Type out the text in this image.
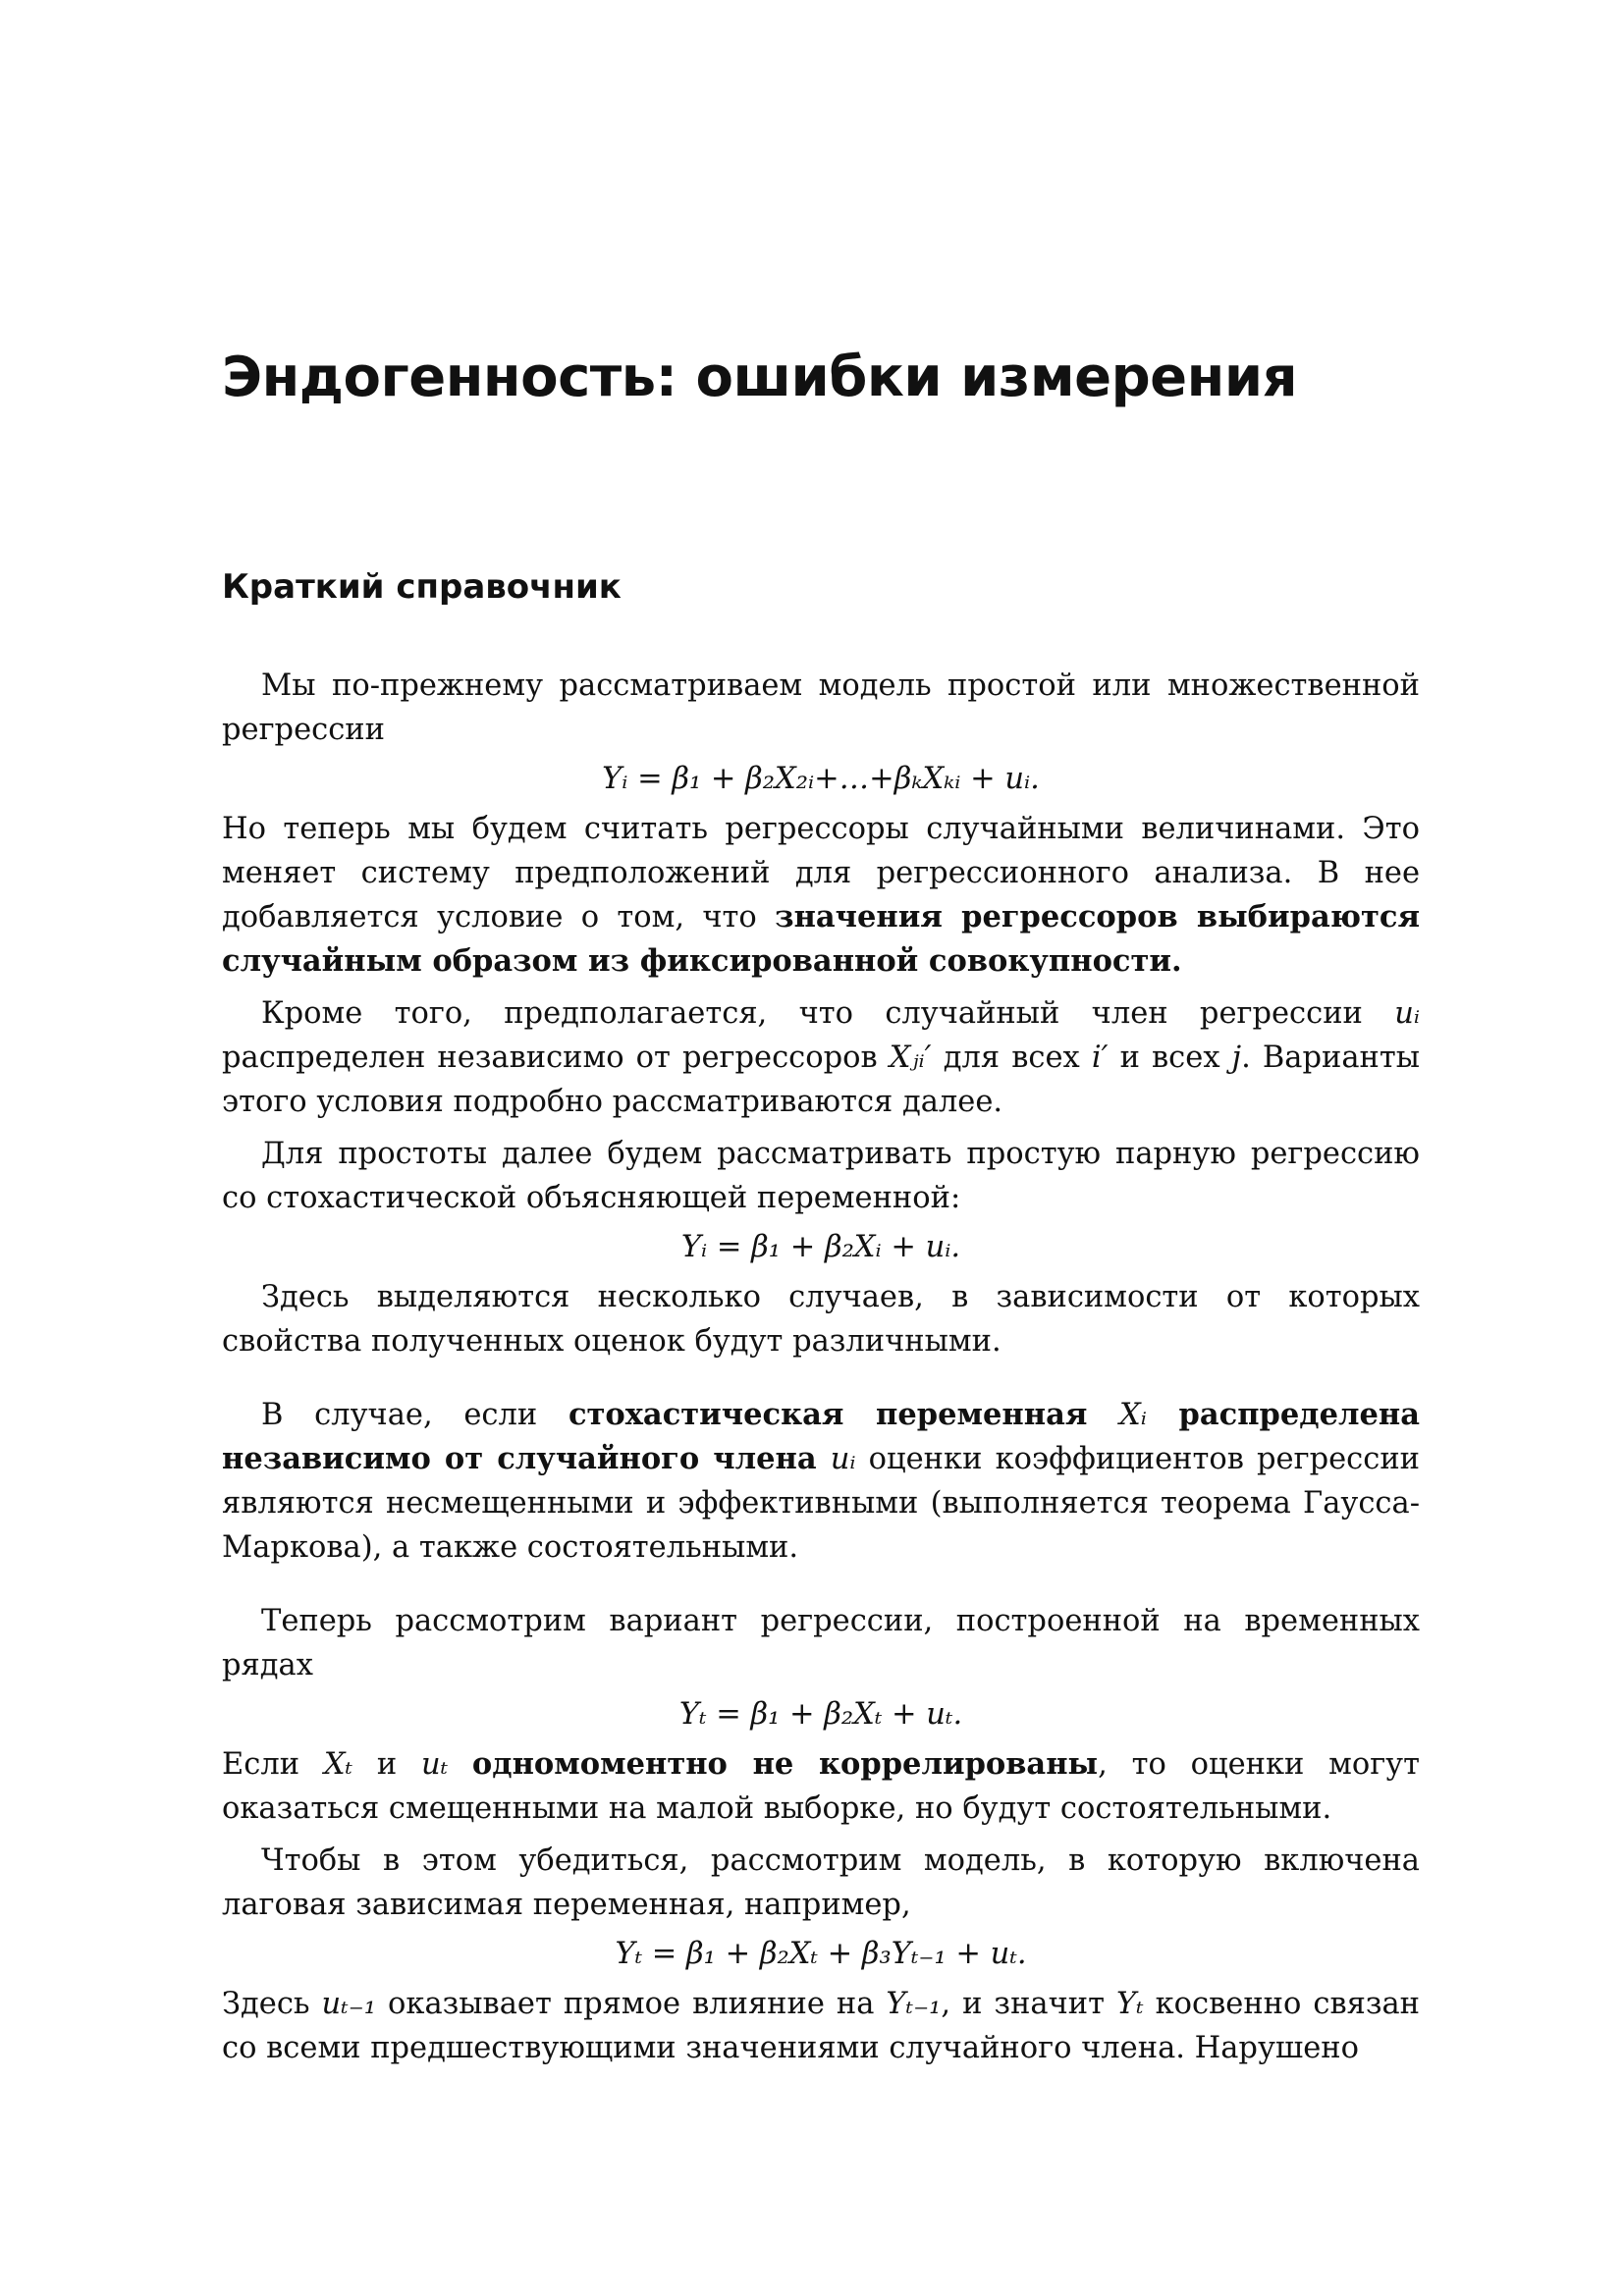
Эндогенность: ошибки измерения
Краткий справочник

Мы по-прежнему рассматриваем модель простой или множественной регрессии

Yᵢ = β₁ + β₂X₂ᵢ+…+βₖXₖᵢ + uᵢ.

Но теперь мы будем считать регрессоры случайными величинами. Это меняет систему предположений для регрессионного анализа. В нее добавляется условие о том, что значения регрессоров выбираются случайным образом из фиксированной совокупности.

Кроме того, предполагается, что случайный член регрессии uᵢ распределен независимо от регрессоров Xⱼᵢ′ для всех i′ и всех j. Варианты этого условия подробно рассматриваются далее.

Для простоты далее будем рассматривать простую парную регрессию со стохастической объясняющей переменной:

Yᵢ = β₁ + β₂Xᵢ + uᵢ.

Здесь выделяются несколько случаев, в зависимости от которых свойства полученных оценок будут различными.

В случае, если стохастическая переменная Xᵢ распределена независимо от случайного члена uᵢ оценки коэффициентов регрессии являются несмещенными и эффективными (выполняется теорема Гаусса-Маркова), а также состоятельными.

Теперь рассмотрим вариант регрессии, построенной на временных рядах

Yₜ = β₁ + β₂Xₜ + uₜ.

Если Xₜ и uₜ одномоментно не коррелированы, то оценки могут оказаться смещенными на малой выборке, но будут состоятельными.

Чтобы в этом убедиться, рассмотрим модель, в которую включена лаговая зависимая переменная, например,

Yₜ = β₁ + β₂Xₜ + β₃Yₜ₋₁ + uₜ.

Здесь uₜ₋₁ оказывает прямое влияние на Yₜ₋₁, и значит Yₜ косвенно связан со всеми предшествующими значениями случайного члена. Нарушено
